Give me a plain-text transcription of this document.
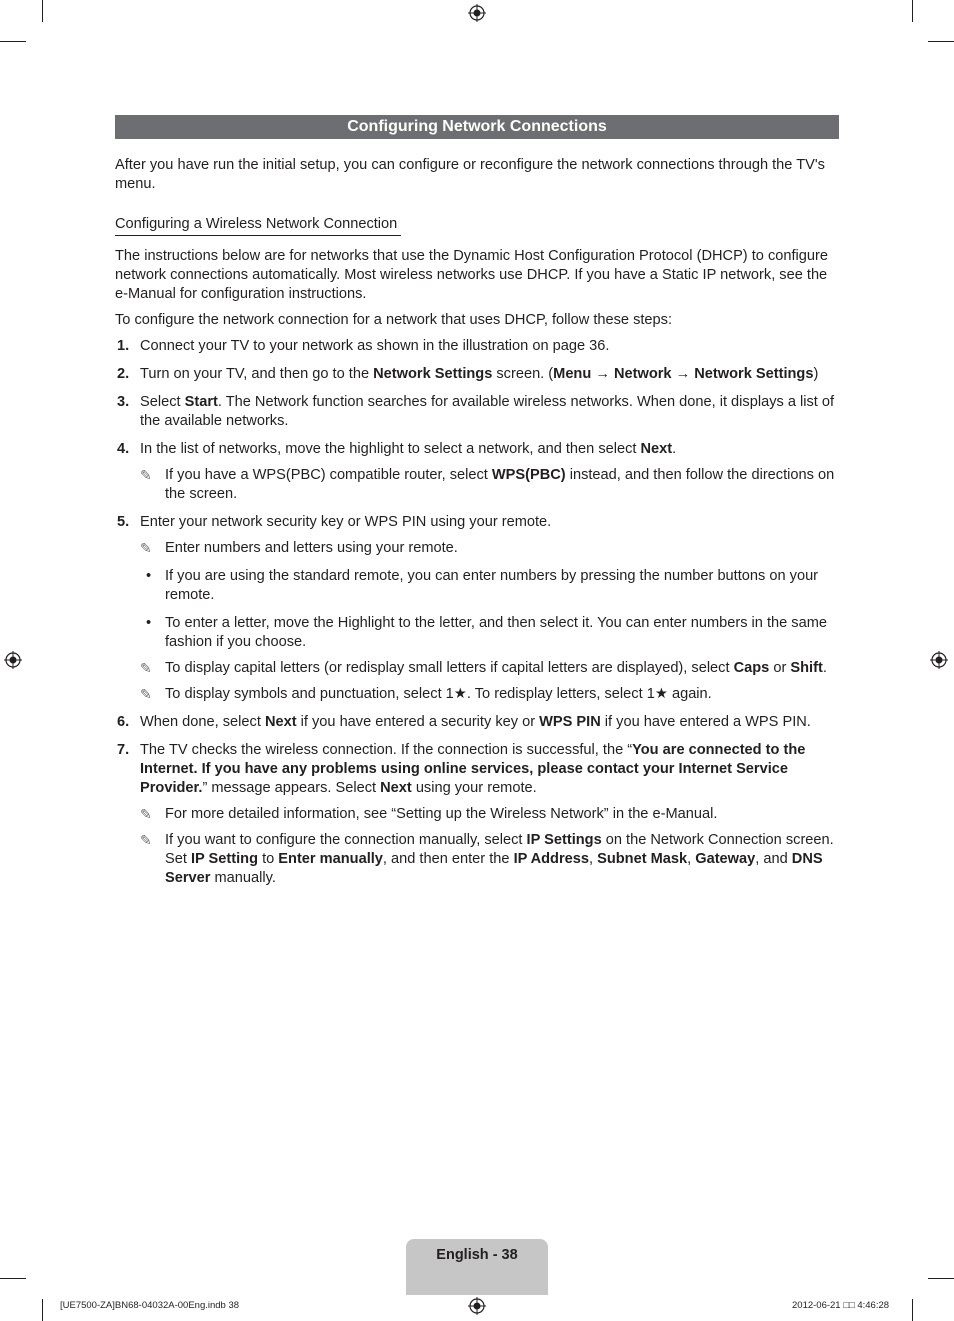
Configuring Network Connections

After you have run the initial setup, you can configure or reconfigure the network connections through the TV's menu.

Configuring a Wireless Network Connection

The instructions below are for networks that use the Dynamic Host Configuration Protocol (DHCP) to configure network connections automatically. Most wireless networks use DHCP. If you have a Static IP network, see the e-Manual for configuration instructions.

To configure the network connection for a network that uses DHCP, follow these steps:

1. Connect your TV to your network as shown in the illustration on page 36.
2. Turn on your TV, and then go to the Network Settings screen. (Menu → Network → Network Settings)
3. Select Start. The Network function searches for available wireless networks. When done, it displays a list of the available networks.
4. In the list of networks, move the highlight to select a network, and then select Next.
✎ If you have a WPS(PBC) compatible router, select WPS(PBC) instead, and then follow the directions on the screen.
5. Enter your network security key or WPS PIN using your remote.
✎ Enter numbers and letters using your remote.
• If you are using the standard remote, you can enter numbers by pressing the number buttons on your remote.
• To enter a letter, move the Highlight to the letter, and then select it. You can enter numbers in the same fashion if you choose.
✎ To display capital letters (or redisplay small letters if capital letters are displayed), select Caps or Shift.
✎ To display symbols and punctuation, select 1★. To redisplay letters, select 1★ again.
6. When done, select Next if you have entered a security key or WPS PIN if you have entered a WPS PIN.
7. The TV checks the wireless connection. If the connection is successful, the “You are connected to the Internet. If you have any problems using online services, please contact your Internet Service Provider.” message appears. Select Next using your remote.
✎ For more detailed information, see “Setting up the Wireless Network” in the e-Manual.
✎ If you want to configure the connection manually, select IP Settings on the Network Connection screen. Set IP Setting to Enter manually, and then enter the IP Address, Subnet Mask, Gateway, and DNS Server manually.
English - 38
[UE7500-ZA]BN68-04032A-00Eng.indb 38	2012-06-21 □□ 4:46:28
